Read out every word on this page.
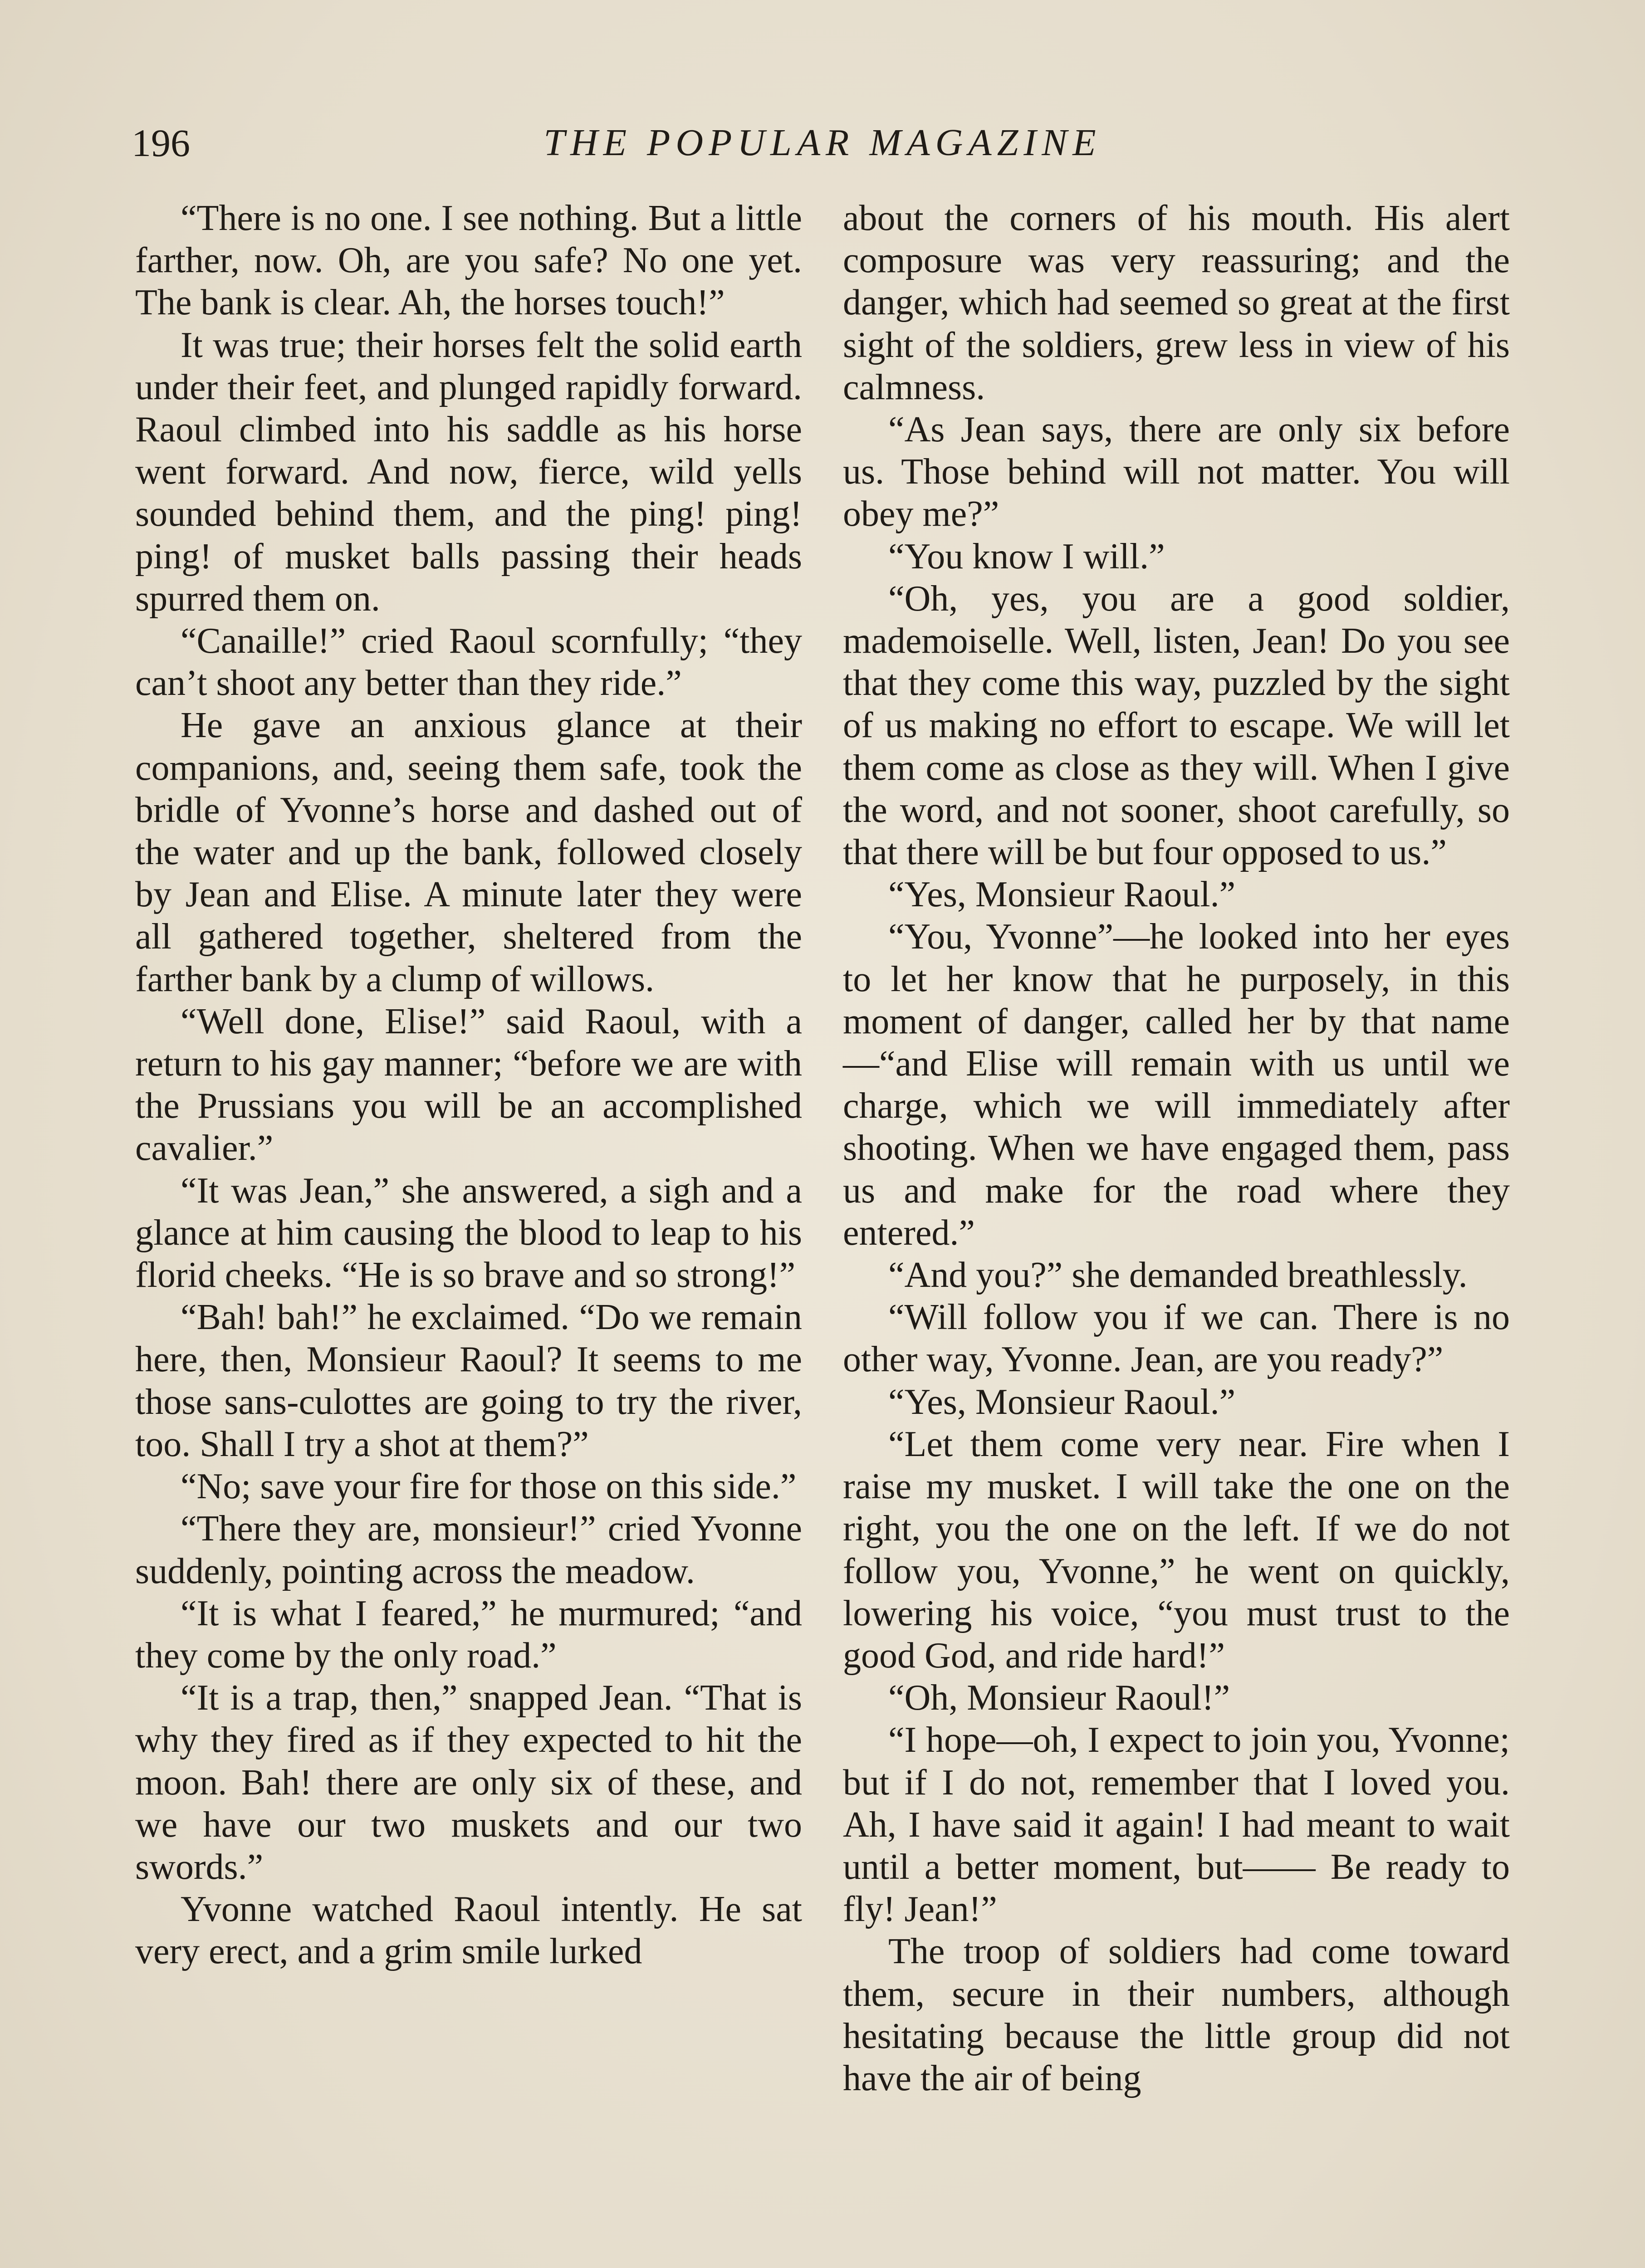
196	THE POPULAR MAGAZINE

“There is no one. I see nothing. But a little farther, now. Oh, are you safe? No one yet. The bank is clear. Ah, the horses touch!”

It was true; their horses felt the solid earth under their feet, and plunged rapidly forward. Raoul climbed into his saddle as his horse went forward. And now, fierce, wild yells sounded behind them, and the ping! ping! ping! of musket balls passing their heads spurred them on.

“Canaille!” cried Raoul scornfully; “they can’t shoot any better than they ride.”

He gave an anxious glance at their companions, and, seeing them safe, took the bridle of Yvonne’s horse and dashed out of the water and up the bank, followed closely by Jean and Elise. A minute later they were all gathered together, sheltered from the farther bank by a clump of willows.

“Well done, Elise!” said Raoul, with a return to his gay manner; “before we are with the Prussians you will be an accomplished cavalier.”

“It was Jean,” she answered, a sigh and a glance at him causing the blood to leap to his florid cheeks. “He is so brave and so strong!”

“Bah! bah!” he exclaimed. “Do we remain here, then, Monsieur Raoul? It seems to me those sans-culottes are going to try the river, too. Shall I try a shot at them?”

“No; save your fire for those on this side.”

“There they are, monsieur!” cried Yvonne suddenly, pointing across the meadow.

“It is what I feared,” he murmured; “and they come by the only road.”

“It is a trap, then,” snapped Jean. “That is why they fired as if they expected to hit the moon. Bah! there are only six of these, and we have our two muskets and our two swords.”

Yvonne watched Raoul intently. He sat very erect, and a grim smile lurked

about the corners of his mouth. His alert composure was very reassuring; and the danger, which had seemed so great at the first sight of the soldiers, grew less in view of his calmness.

“As Jean says, there are only six before us. Those behind will not matter. You will obey me?”

“You know I will.”

“Oh, yes, you are a good soldier, mademoiselle. Well, listen, Jean! Do you see that they come this way, puzzled by the sight of us making no effort to escape. We will let them come as close as they will. When I give the word, and not sooner, shoot carefully, so that there will be but four opposed to us.”

“Yes, Monsieur Raoul.”

“You, Yvonne”—he looked into her eyes to let her know that he purposely, in this moment of danger, called her by that name—“and Elise will remain with us until we charge, which we will immediately after shooting. When we have engaged them, pass us and make for the road where they entered.”

“And you?” she demanded breathlessly.

“Will follow you if we can. There is no other way, Yvonne. Jean, are you ready?”

“Yes, Monsieur Raoul.”

“Let them come very near. Fire when I raise my musket. I will take the one on the right, you the one on the left. If we do not follow you, Yvonne,” he went on quickly, lowering his voice, “you must trust to the good God, and ride hard!”

“Oh, Monsieur Raoul!”

“I hope—oh, I expect to join you, Yvonne; but if I do not, remember that I loved you. Ah, I have said it again! I had meant to wait until a better moment, but—— Be ready to fly! Jean!”

The troop of soldiers had come toward them, secure in their numbers, although hesitating because the little group did not have the air of being
